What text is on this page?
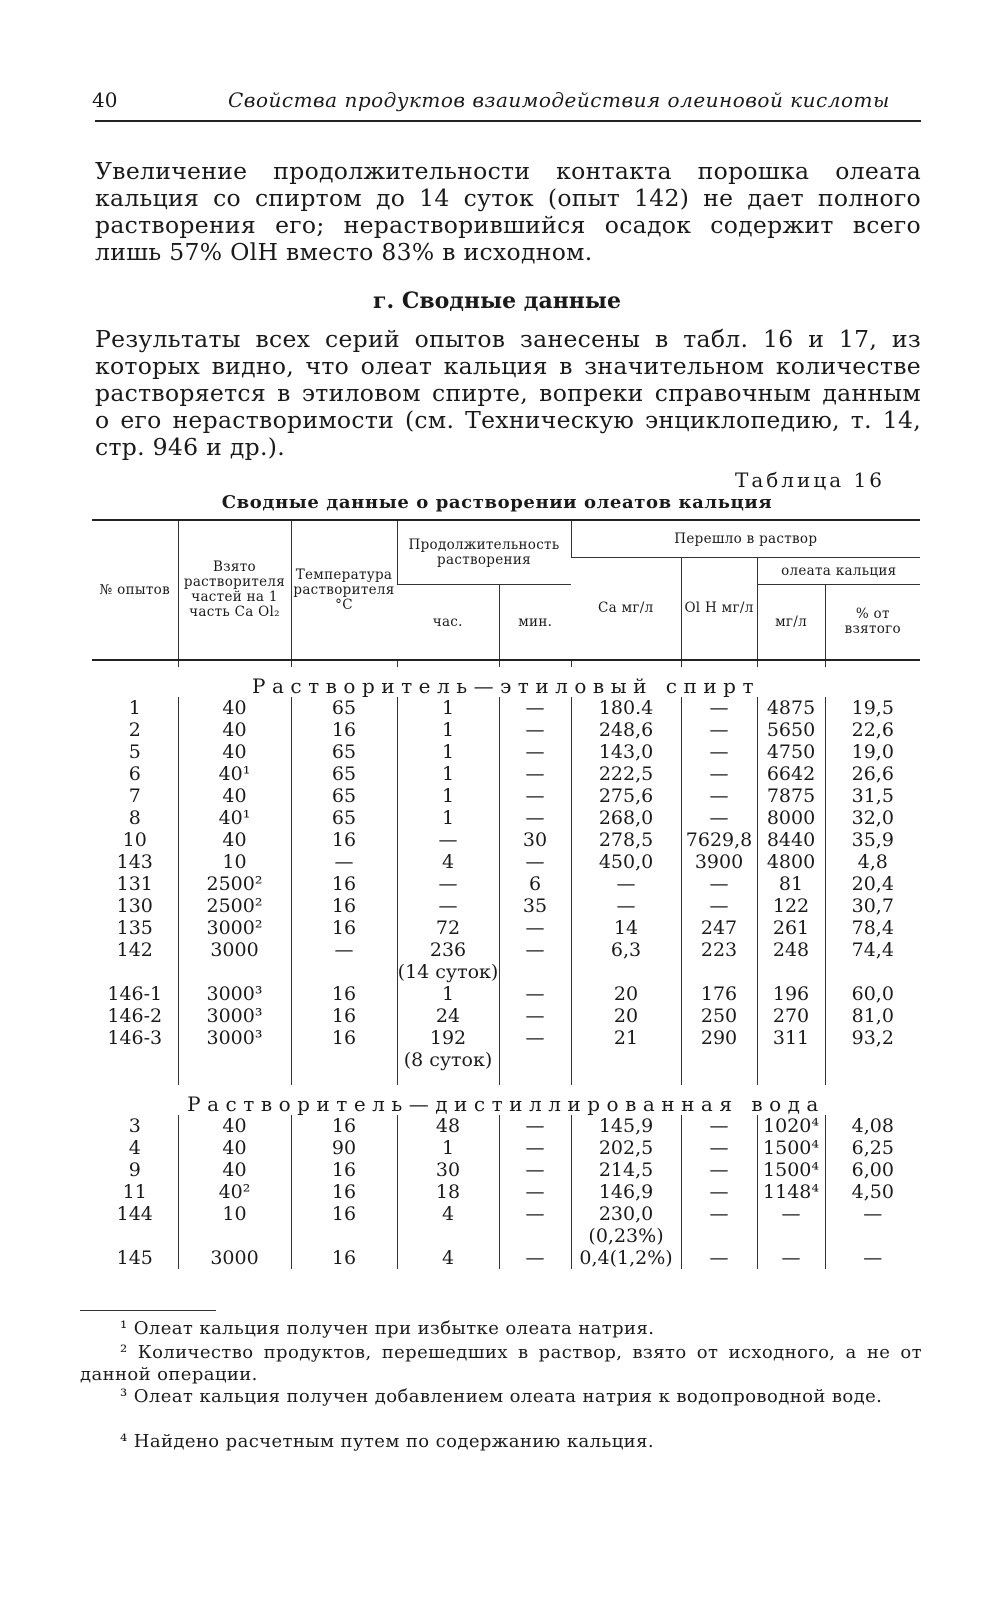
40	Свойства продуктов взаимодействия олеиновой кислоты
Увеличение продолжительности контакта порошка олеата кальция со спиртом до 14 суток (опыт 142) не дает полного растворения его; нерастворившийся осадок содержит всего лишь 57% OlH вместо 83% в исходном.
г. Сводные данные
Результаты всех серий опытов занесены в табл. 16 и 17, из которых видно, что олеат кальция в значительном количестве растворяется в этиловом спирте, вопреки справочным данным о его нерастворимости (см. Техническую энциклопедию, т. 14, стр. 946 и др.).
Таблица 16
Сводные данные о растворении олеатов кальция
№ опытов	Взято растворителя частей на 1 часть Ca Ol₂	Температура растворителя °C	Продолжительность растворения		Перешло в раствор			
					Ca мг/л	Ol H мг/л	олеата кальция	
			час.	мин.			мг/л	% от взятого

Растворитель—этиловый спирт								
1	40	65	1	—	180.4	—	4875	19,5
2	40	16	1	—	248,6	—	5650	22,6
5	40	65	1	—	143,0	—	4750	19,0
6	40¹	65	1	—	222,5	—	6642	26,6
7	40	65	1	—	275,6	—	7875	31,5
8	40¹	65	1	—	268,0	—	8000	32,0
10	40	16	—	30	278,5	7629,8	8440	35,9
143	10	—	4	—	450,0	3900	4800	4,8
131	2500²	16	—	6	—	—	81	20,4
130	2500²	16	—	35	—	—	122	30,7
135	3000²	16	72	—	14	247	261	78,4
142	3000	—	236	—	6,3	223	248	74,4
			(14 суток)					
146-1	3000³	16	1	—	20	176	196	60,0
146-2	3000³	16	24	—	20	250	270	81,0
146-3	3000³	16	192	—	21	290	311	93,2
			(8 суток)					

Растворитель—дистиллированная вода								
3	40	16	48	—	145,9	—	1020⁴	4,08
4	40	90	1	—	202,5	—	1500⁴	6,25
9	40	16	30	—	214,5	—	1500⁴	6,00
11	40²	16	18	—	146,9	—	1148⁴	4,50
144	10	16	4	—	230,0	—	—	—
					(0,23%)			
145	3000	16	4	—	0,4(1,2%)	—	—	—
¹ Олеат кальция получен при избытке олеата натрия.
² Количество продуктов, перешедших в раствор, взято от исходного, а не от данной операции.
³ Олеат кальция получен добавлением олеата натрия к водопроводной воде.
⁴ Найдено расчетным путем по содержанию кальция.
